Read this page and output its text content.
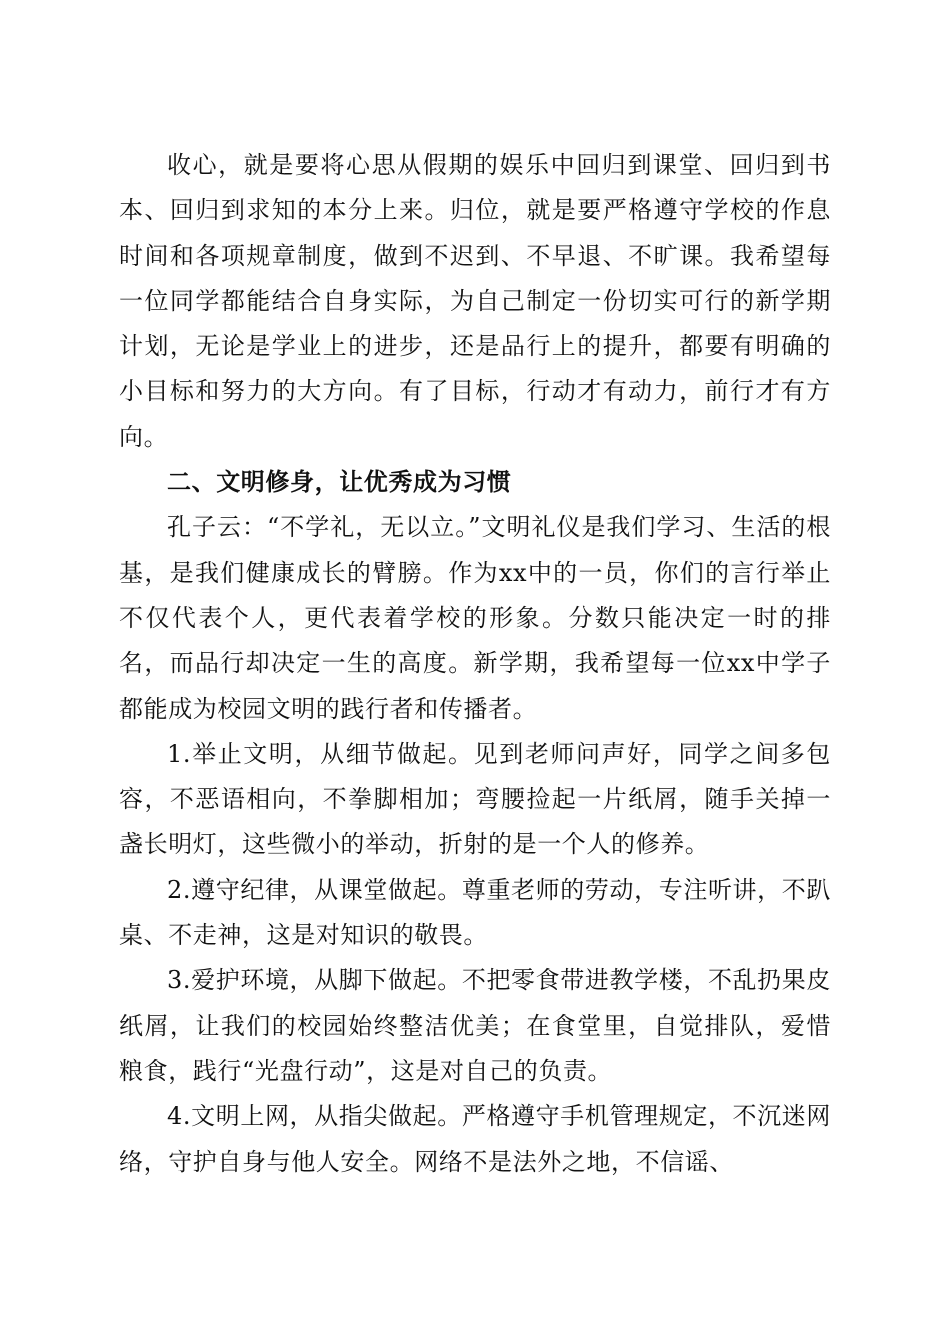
收心，就是要将心思从假期的娱乐中回归到课堂、回归到书本、回归到求知的本分上来。归位，就是要严格遵守学校的作息时间和各项规章制度，做到不迟到、不早退、不旷课。我希望每一位同学都能结合自身实际，为自己制定一份切实可行的新学期计划，无论是学业上的进步，还是品行上的提升，都要有明确的小目标和努力的大方向。有了目标，行动才有动力，前行才有方向。

二、文明修身，让优秀成为习惯

孔子云：“不学礼，无以立。”文明礼仪是我们学习、生活的根基，是我们健康成长的臂膀。作为xx中的一员，你们的言行举止不仅代表个人，更代表着学校的形象。分数只能决定一时的排名，而品行却决定一生的高度。新学期，我希望每一位xx中学子都能成为校园文明的践行者和传播者。

1.举止文明，从细节做起。见到老师问声好，同学之间多包容，不恶语相向，不拳脚相加；弯腰捡起一片纸屑，随手关掉一盏长明灯，这些微小的举动，折射的是一个人的修养。

2.遵守纪律，从课堂做起。尊重老师的劳动，专注听讲，不趴桌、不走神，这是对知识的敬畏。

3.爱护环境，从脚下做起。不把零食带进教学楼，不乱扔果皮纸屑，让我们的校园始终整洁优美；在食堂里，自觉排队，爱惜粮食，践行“光盘行动”，这是对自己的负责。

4.文明上网，从指尖做起。严格遵守手机管理规定，不沉迷网络，守护自身与他人安全。网络不是法外之地，不信谣、
